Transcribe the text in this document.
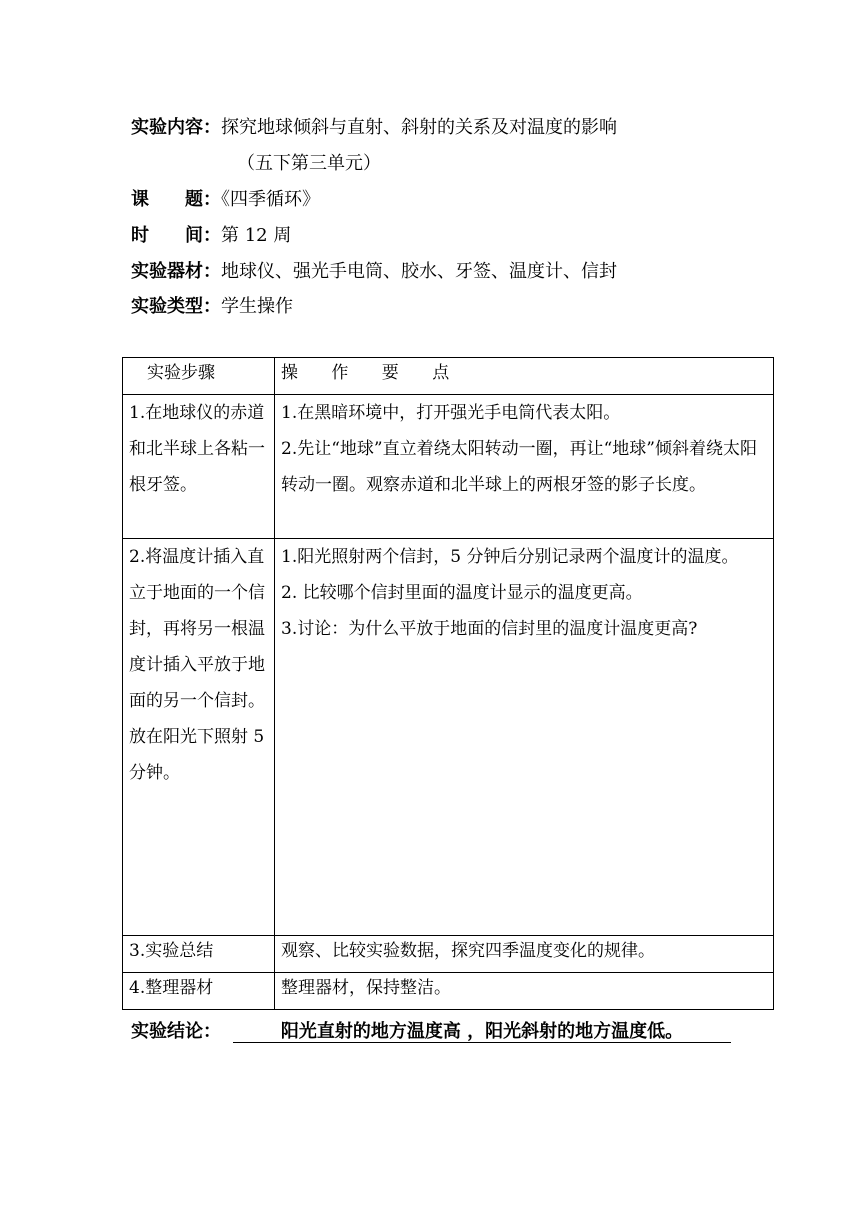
实验内容：探究地球倾斜与直射、斜射的关系及对温度的影响
（五下第三单元）
课　　题：《四季循环》
时　　间：第 12 周
实验器材：地球仪、强光手电筒、胶水、牙签、温度计、信封
实验类型：学生操作
实验步骤	操 作 要 点
1.在地球仪的赤道和北半球上各粘一根牙签。	1.在黑暗环境中，打开强光手电筒代表太阳。
2.先让“地球”直立着绕太阳转动一圈，再让“地球”倾斜着绕太阳转动一圈。观察赤道和北半球上的两根牙签的影子长度。

2.将温度计插入直立于地面的一个信封，再将另一根温度计插入平放于地面的另一个信封。放在阳光下照射 5 分钟。	1.阳光照射两个信封，5 分钟后分别记录两个温度计的温度。
2. 比较哪个信封里面的温度计显示的温度更高。
3.讨论：为什么平放于地面的信封里的温度计温度更高?

3.实验总结	观察、比较实验数据，探究四季温度变化的规律。
4.整理器材	整理器材，保持整洁。
实验结论：	阳光直射的地方温度高 ，阳光斜射的地方温度低。
